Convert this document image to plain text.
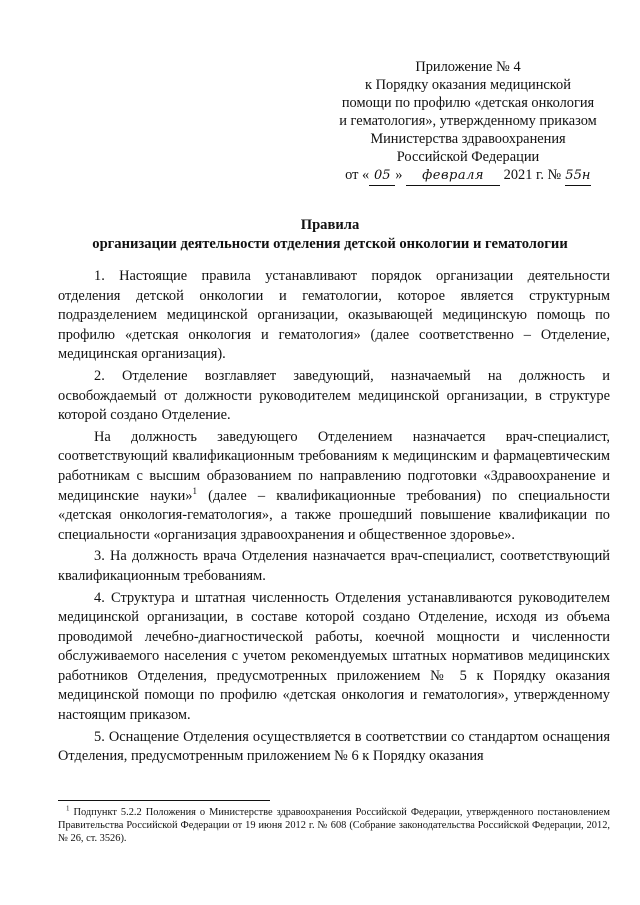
Приложение № 4
к Порядку оказания медицинской
помощи по профилю «детская онкология
и гематология», утвержденному приказом
Министерства здравоохранения
Российской Федерации
от « 05 » февраля 2021 г. № 55н
Правила
организации деятельности отделения детской онкологии и гематологии

1. Настоящие правила устанавливают порядок организации деятельности отделения детской онкологии и гематологии, которое является структурным подразделением медицинской организации, оказывающей медицинскую помощь по профилю «детская онкология и гематология» (далее соответственно – Отделение, медицинская организация).

2. Отделение возглавляет заведующий, назначаемый на должность и освобождаемый от должности руководителем медицинской организации, в структуре которой создано Отделение.

На должность заведующего Отделением назначается врач-специалист, соответствующий квалификационным требованиям к медицинским и фармацевтическим работникам с высшим образованием по направлению подготовки «Здравоохранение и медицинские науки»$^1$ (далее – квалификационные требования) по специальности «детская онкология-гематология», а также прошедший повышение квалификации по специальности «организация здравоохранения и общественное здоровье».

3. На должность врача Отделения назначается врач-специалист, соответствующий квалификационным требованиям.

4. Структура и штатная численность Отделения устанавливаются руководителем медицинской организации, в составе которой создано Отделение, исходя из объема проводимой лечебно-диагностической работы, коечной мощности и численности обслуживаемого населения с учетом рекомендуемых штатных нормативов медицинских работников Отделения, предусмотренных приложением № 5 к Порядку оказания медицинской помощи по профилю «детская онкология и гематология», утвержденному настоящим приказом.

5. Оснащение Отделения осуществляется в соответствии со стандартом оснащения Отделения, предусмотренным приложением № 6 к Порядку оказания

$^1$ Подпункт 5.2.2 Положения о Министерстве здравоохранения Российской Федерации, утвержденного постановлением Правительства Российской Федерации от 19 июня 2012 г. № 608 (Собрание законодательства Российской Федерации, 2012, № 26, ст. 3526).
